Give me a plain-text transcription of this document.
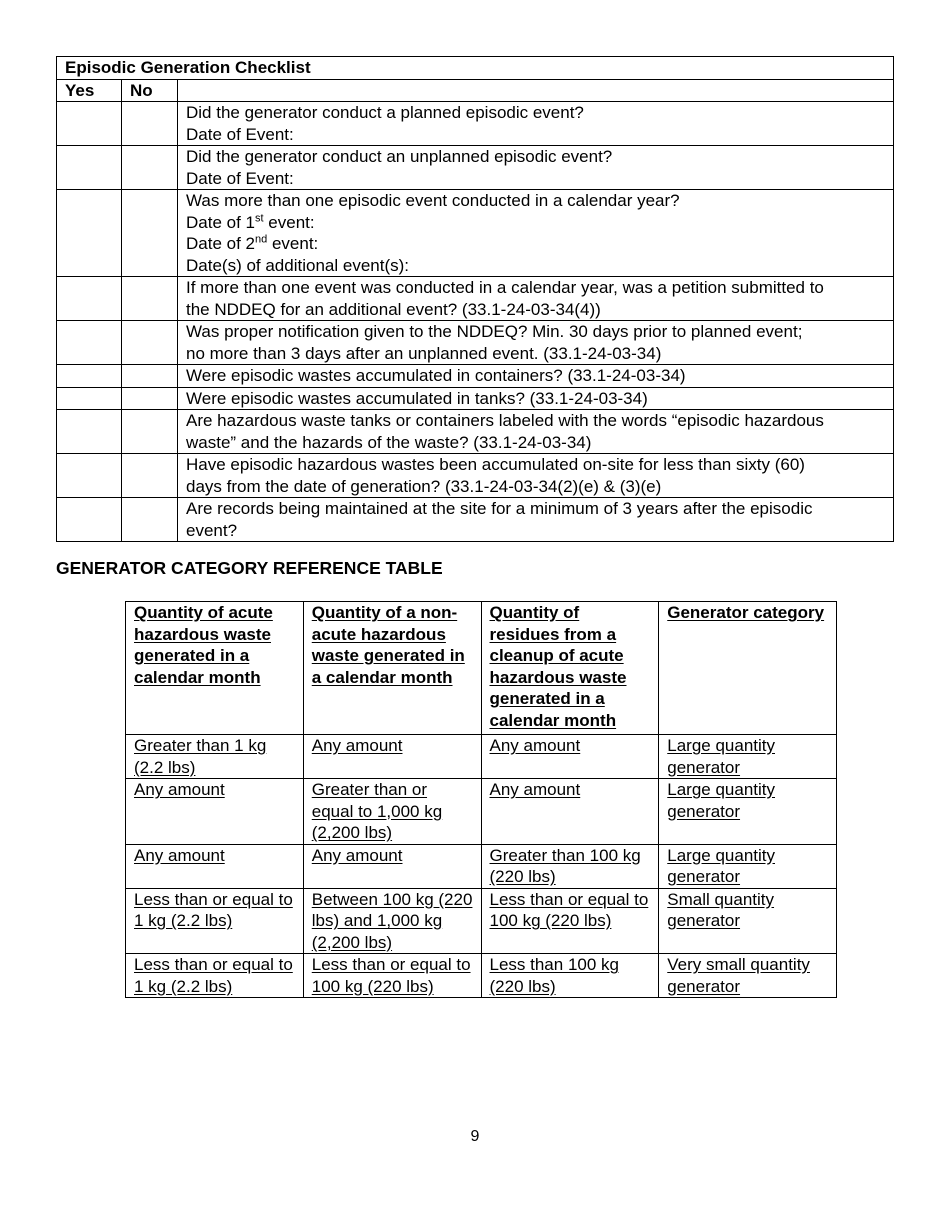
Episodic Generation Checklist		
Yes	No	

		Did the generator conduct a planned episodic event?
Date of Event:

		Did the generator conduct an unplanned episodic event?
Date of Event:

		Was more than one episodic event conducted in a calendar year?
Date of 1st event:
Date of 2nd event:
Date(s) of additional event(s):

		If more than one event was conducted in a calendar year, was a petition submitted to
the NDDEQ for an additional event? (33.1-24-03-34(4))

		Was proper notification given to the NDDEQ? Min. 30 days prior to planned event;
no more than 3 days after an unplanned event. (33.1-24-03-34)

		Were episodic wastes accumulated in containers? (33.1-24-03-34)

		Were episodic wastes accumulated in tanks? (33.1-24-03-34)

		Are hazardous waste tanks or containers labeled with the words “episodic hazardous
waste” and the hazards of the waste? (33.1-24-03-34)

		Have episodic hazardous wastes been accumulated on-site for less than sixty (60)
days from the date of generation? (33.1-24-03-34(2)(e) & (3)(e)

		Are records being maintained at the site for a minimum of 3 years after the episodic
event?
GENERATOR CATEGORY REFERENCE TABLE
Quantity of acute hazardous waste generated in a calendar month	Quantity of a non-acute hazardous waste generated in a calendar month	Quantity of residues from a cleanup of acute hazardous waste generated in a calendar month	Generator category
Greater than 1 kg (2.2 lbs)	Any amount	Any amount	Large quantity generator
Any amount	Greater than or equal to 1,000 kg (2,200 lbs)	Any amount	Large quantity generator
Any amount	Any amount	Greater than 100 kg (220 lbs)	Large quantity generator
Less than or equal to 1 kg (2.2 lbs)	Between 100 kg (220 lbs) and 1,000 kg (2,200 lbs)	Less than or equal to 100 kg (220 lbs)	Small quantity generator
Less than or equal to 1 kg (2.2 lbs)	Less than or equal to 100 kg (220 lbs)	Less than 100 kg (220 lbs)	Very small quantity generator
9
